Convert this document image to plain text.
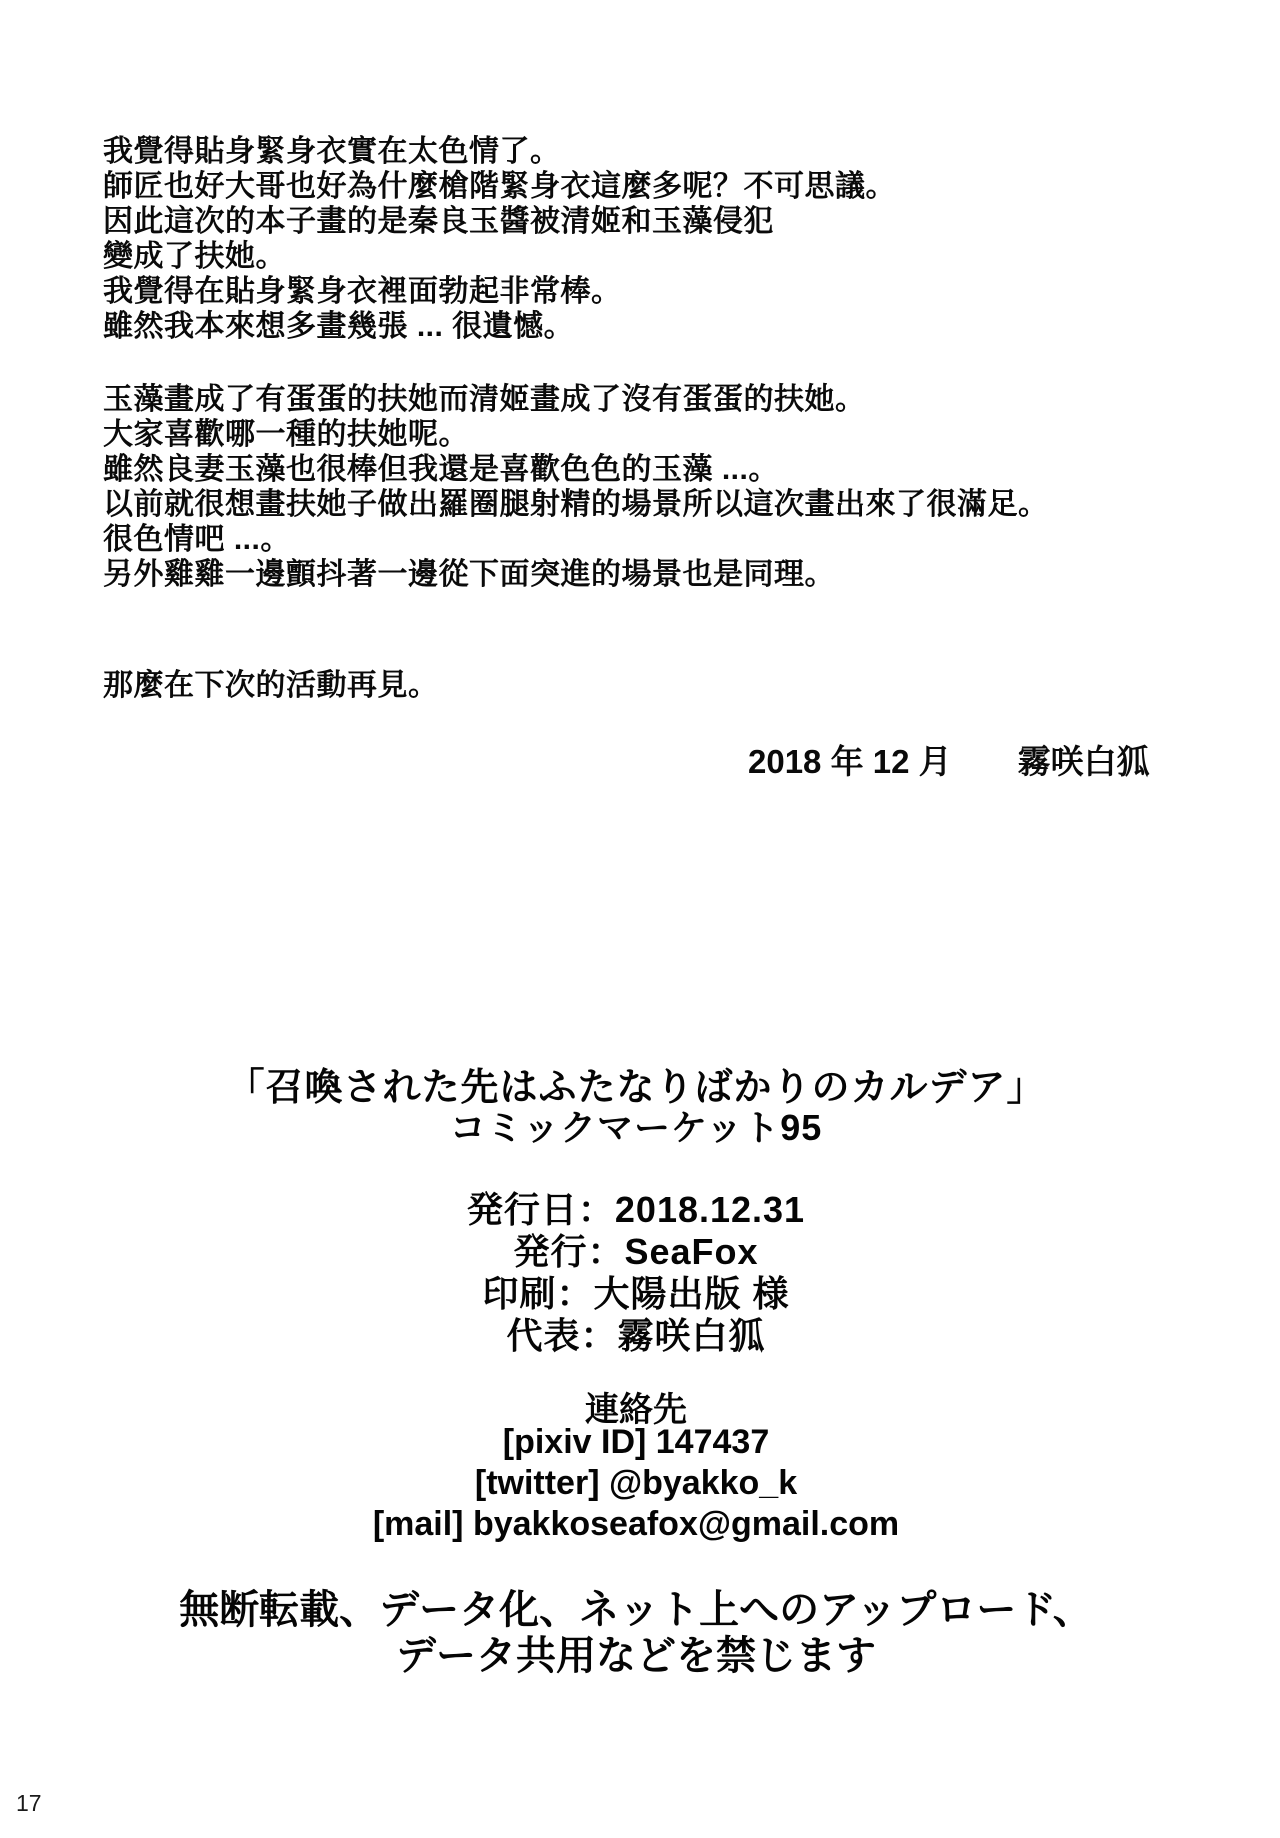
我覺得貼身緊身衣實在太色情了。
師匠也好大哥也好為什麼槍階緊身衣這麼多呢？不可思議。
因此這次的本子畫的是秦良玉醬被清姬和玉藻侵犯
變成了扶她。
我覺得在貼身緊身衣裡面勃起非常棒。
雖然我本來想多畫幾張 ... 很遺憾。
玉藻畫成了有蛋蛋的扶她而清姬畫成了沒有蛋蛋的扶她。
大家喜歡哪一種的扶她呢。
雖然良妻玉藻也很棒但我還是喜歡色色的玉藻 ...。
以前就很想畫扶她子做出羅圈腿射精的場景所以這次畫出來了很滿足。
很色情吧 ...。
另外雞雞一邊顫抖著一邊從下面突進的場景也是同理。
那麼在下次的活動再見。
2018 年 12 月　　霧咲白狐
「召喚された先はふたなりばかりのカルデア」
コミックマーケット95
発行日：2018.12.31
発行：SeaFox
印刷：大陽出版 様
代表：霧咲白狐
連絡先
[pixiv ID] 147437
[twitter] @byakko_k
[mail] byakkoseafox@gmail.com
無断転載、データ化、ネット上へのアップロード、
データ共用などを禁じます
17
